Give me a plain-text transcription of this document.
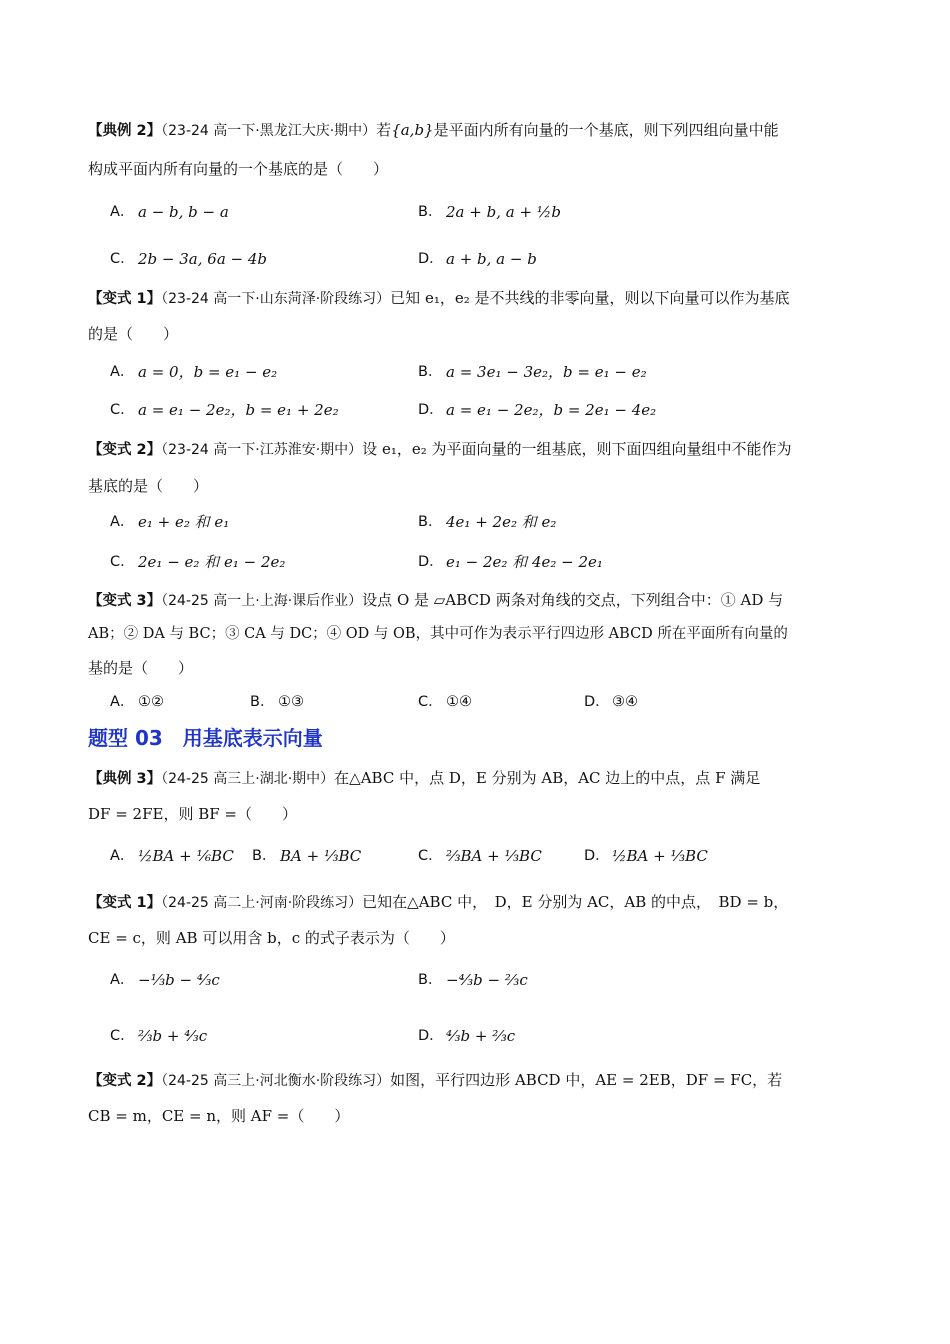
【典例 2】（23-24 高一下·黑龙江大庆·期中）若{a,b}是平面内所有向量的一个基底，则下列四组向量中能
构成平面内所有向量的一个基底的是（　　）
A． a − b, b − a	B． 2a + b, a + ½b
C． 2b − 3a, 6a − 4b	D． a + b, a − b
【变式 1】（23-24 高一下·山东菏泽·阶段练习）已知 e₁，e₂ 是不共线的非零向量，则以下向量可以作为基底
的是（　　）
A． a = 0，b = e₁ − e₂	B． a = 3e₁ − 3e₂，b = e₁ − e₂
C． a = e₁ − 2e₂，b = e₁ + 2e₂	D． a = e₁ − 2e₂，b = 2e₁ − 4e₂
【变式 2】（23-24 高一下·江苏淮安·期中）设 e₁，e₂ 为平面向量的一组基底，则下面四组向量组中不能作为
基底的是（　　）
A． e₁ + e₂ 和 e₁	B． 4e₁ + 2e₂ 和 e₂
C． 2e₁ − e₂ 和 e₁ − 2e₂	D． e₁ − 2e₂ 和 4e₂ − 2e₁
【变式 3】（24-25 高一上·上海·课后作业）设点 O 是 ▱ABCD 两条对角线的交点，下列组合中：① AD 与
AB；② DA 与 BC；③ CA 与 DC；④ OD 与 OB，其中可作为表示平行四边形 ABCD 所在平面所有向量的
基的是（　　）
A． ①②	B． ①③	C． ①④	D． ③④
题型 03　用基底表示向量
【典例 3】（24-25 高三上·湖北·期中）在△ABC 中，点 D，E 分别为 AB，AC 边上的中点，点 F 满足
DF = 2FE，则 BF =（　　）
A． ½BA + ⅙BC B． BA + ⅓BC	C． ⅔BA + ⅓BC	D． ½BA + ⅓BC
【变式 1】（24-25 高二上·河南·阶段练习）已知在△ABC 中，　D，E 分别为 AC，AB 的中点，　BD = b，
CE = c，则 AB 可以用含 b，c 的式子表示为（　　）
A． −⅓b − ⁴⁄₃c	B． −⁴⁄₃b − ⅔c
C． ⅔b + ⁴⁄₃c	D． ⁴⁄₃b + ⅔c
【变式 2】（24-25 高三上·河北衡水·阶段练习）如图，平行四边形 ABCD 中，AE = 2EB，DF = FC，若
CB = m，CE = n，则 AF =（　　）
